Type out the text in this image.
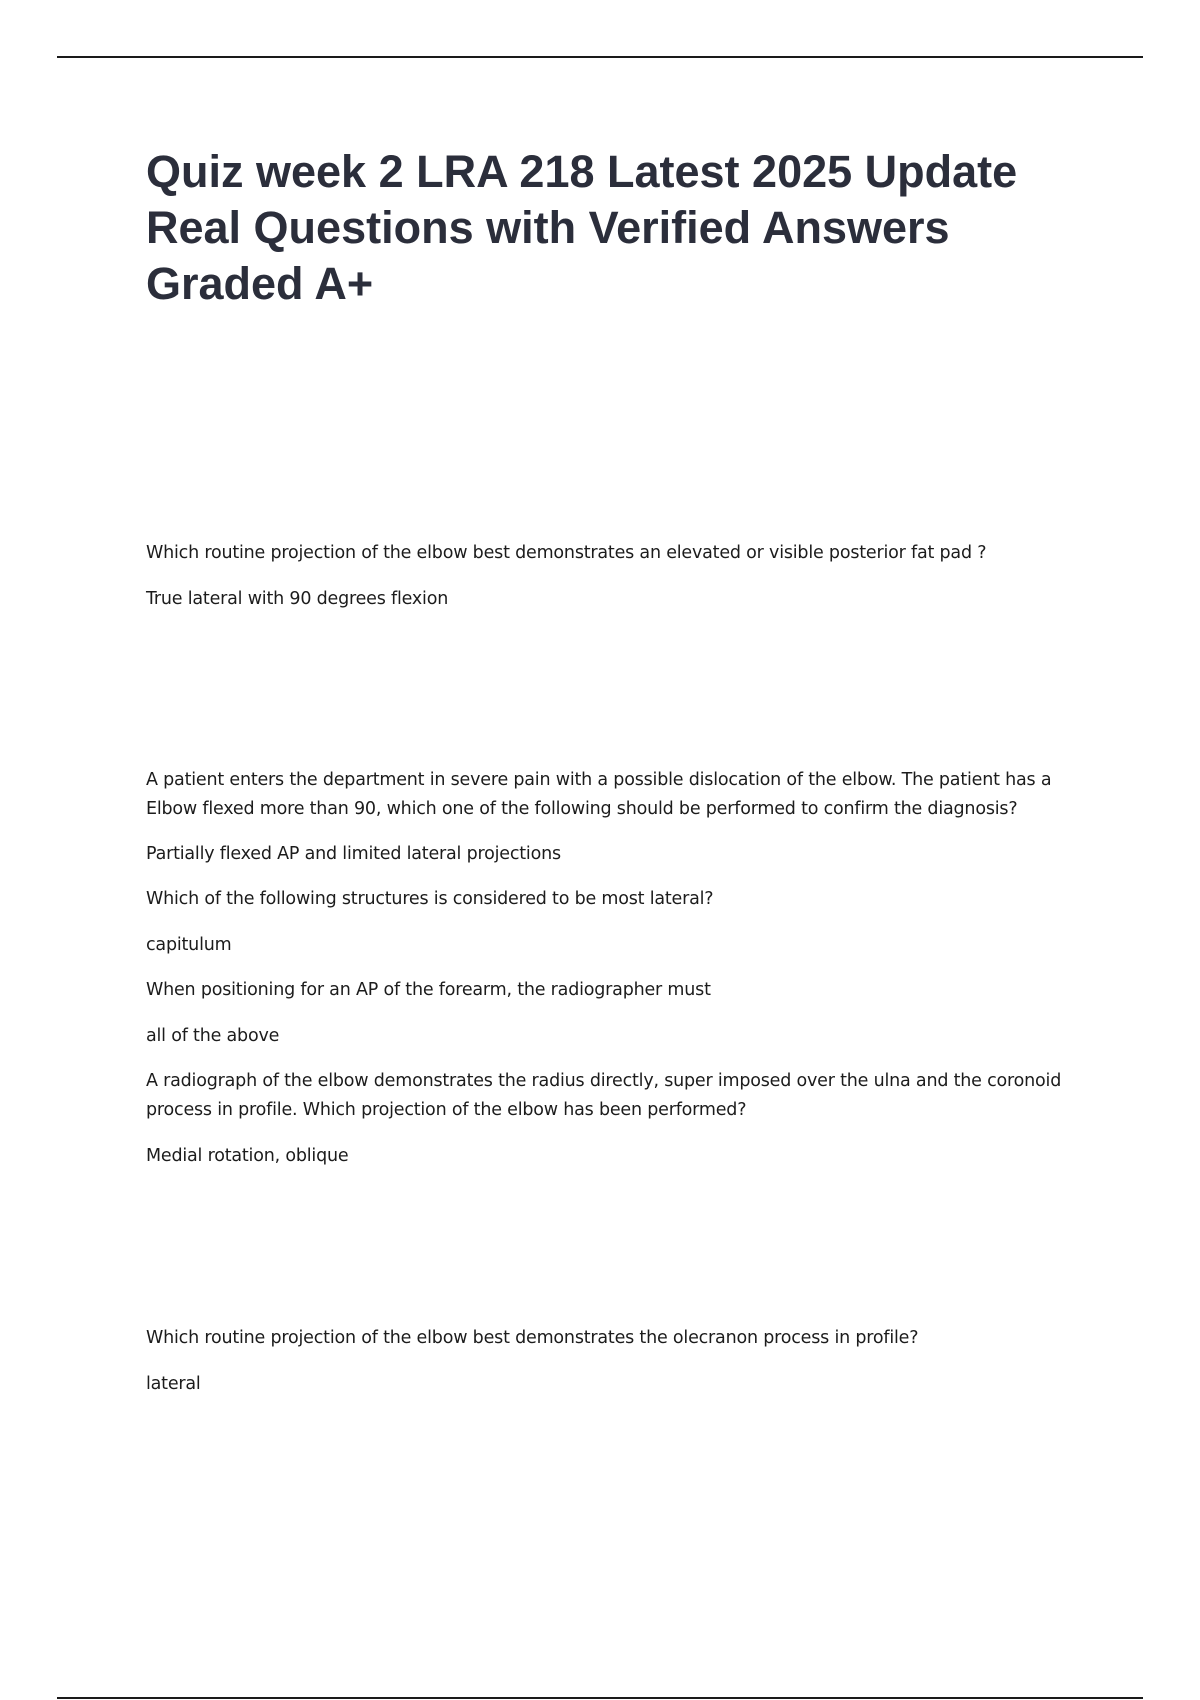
Quiz week 2 LRA 218 Latest 2025 Update Real Questions with Verified Answers Graded A+

Which routine projection of the elbow best demonstrates an elevated or visible posterior fat pad ?

True lateral with 90 degrees flexion

A patient enters the department in severe pain with a possible dislocation of the elbow. The patient has a Elbow flexed more than 90, which one of the following should be performed to confirm the diagnosis?

Partially flexed AP and limited lateral projections

Which of the following structures is considered to be most lateral?

capitulum

When positioning for an AP of the forearm, the radiographer must

all of the above

A radiograph of the elbow demonstrates the radius directly, super imposed over the ulna and the coronoid process in profile. Which projection of the elbow has been performed?

Medial rotation, oblique

Which routine projection of the elbow best demonstrates the olecranon process in profile?

lateral
